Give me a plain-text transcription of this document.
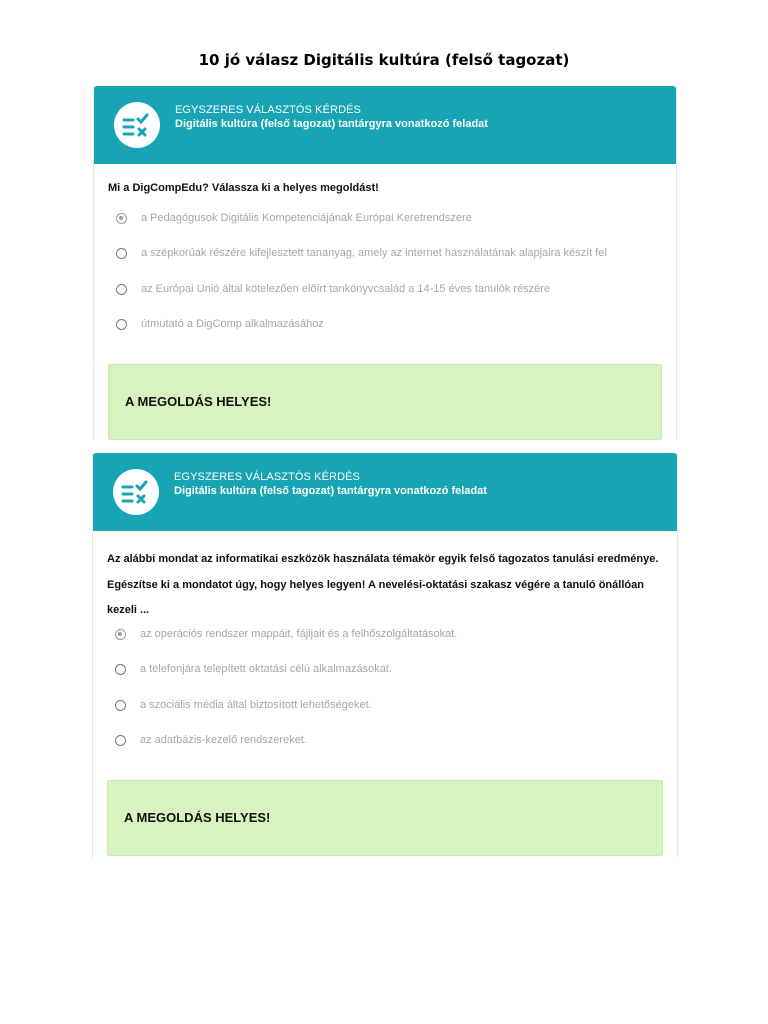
10 jó válasz Digitális kultúra (felső tagozat)
EGYSZERES VÁLASZTÓS KÉRDÉS
Digitális kultúra (felső tagozat) tantárgyra vonatkozó feladat
Mi a DigCompEdu? Válassza ki a helyes megoldást!
a Pedagógusok Digitális Kompetenciájának Európai Keretrendszere
a szépkorúak részére kifejlesztett tananyag, amely az internet használatának alapjaira készít fel
az Európai Unió által kötelezően előírt tankönyvcsalád a 14-15 éves tanulók részére
útmutató a DigComp alkalmazásához
A MEGOLDÁS HELYES!
EGYSZERES VÁLASZTÓS KÉRDÉS
Digitális kultúra (felső tagozat) tantárgyra vonatkozó feladat
Az alábbi mondat az informatikai eszközök használata témakör egyik felső tagozatos tanulási eredménye. Egészítse ki a mondatot úgy, hogy helyes legyen! A nevelési-oktatási szakasz végére a tanuló önállóan kezeli ...
az operációs rendszer mappáit, fájljait és a felhőszolgáltatásokat.
a telefonjára telepített oktatási célú alkalmazásokat.
a szociális média által biztosított lehetőségeket.
az adatbázis-kezelő rendszereket.
A MEGOLDÁS HELYES!
